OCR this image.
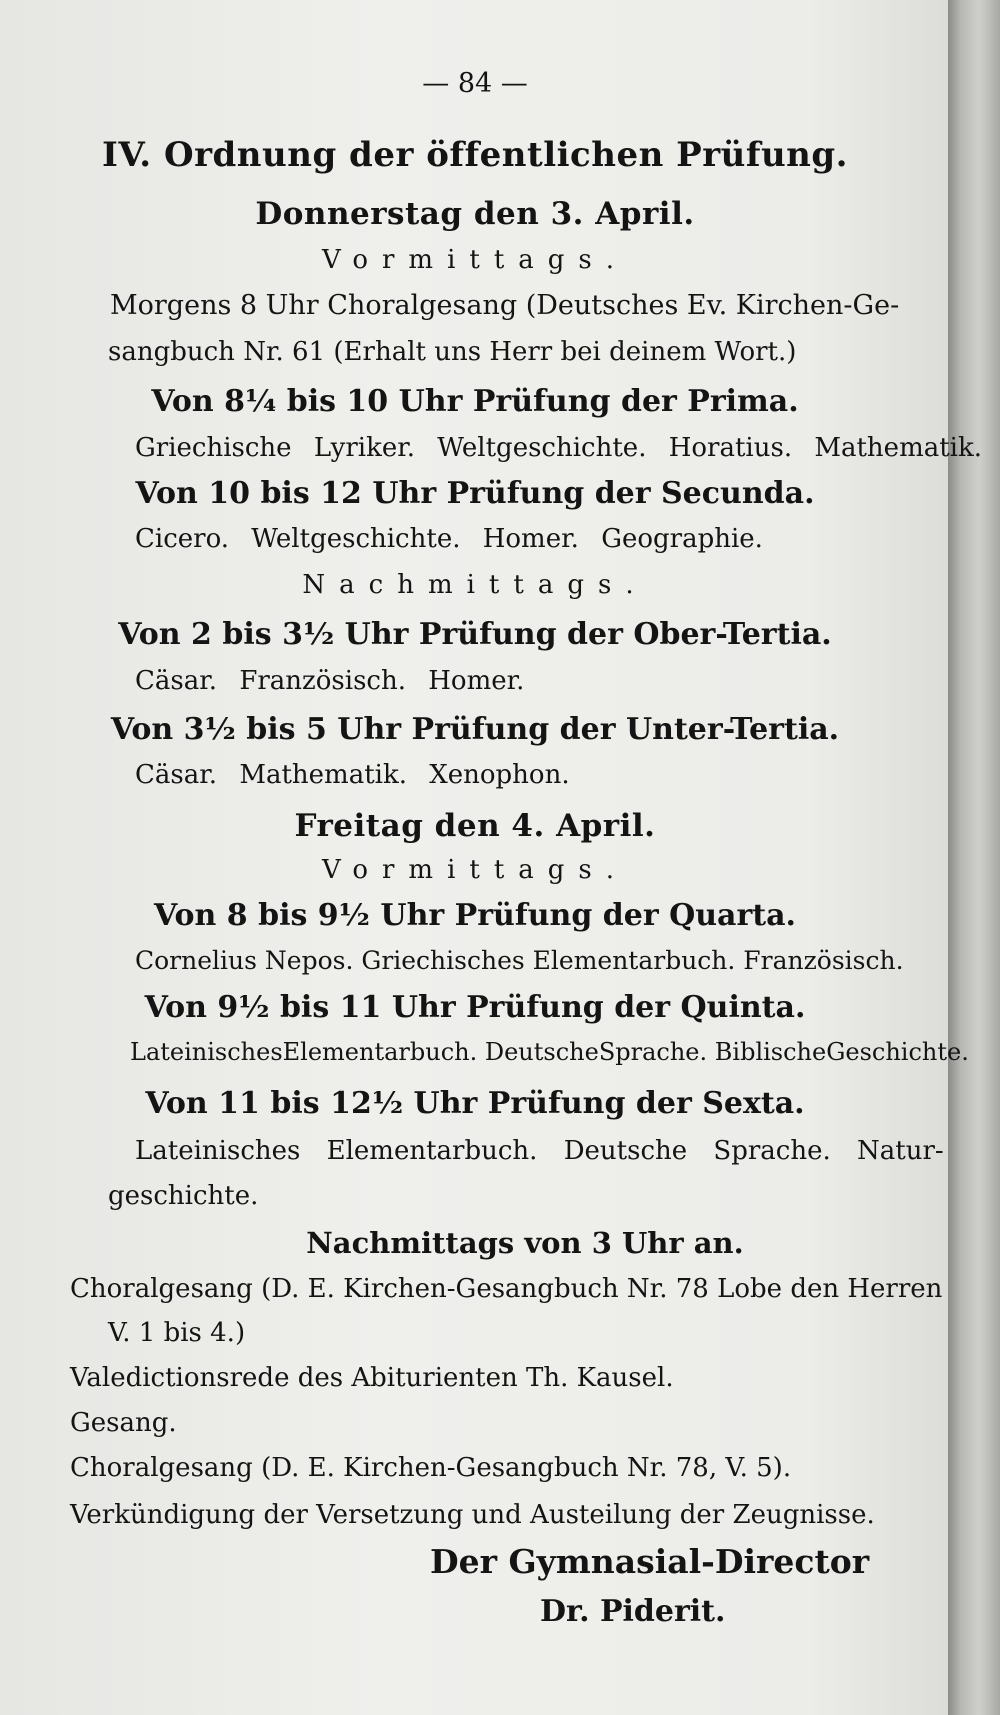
— 84 —
IV. Ordnung der öffentlichen Prüfung.
Donnerstag den 3. April.
Vormittags.
Morgens 8 Uhr Choralgesang (Deutsches Ev. Kirchen-Ge-
sangbuch Nr. 61 (Erhalt uns Herr bei deinem Wort.)
Von 8¼ bis 10 Uhr Prüfung der Prima.
Griechische Lyriker. Weltgeschichte. Horatius. Mathematik.
Von 10 bis 12 Uhr Prüfung der Secunda.
Cicero. Weltgeschichte. Homer. Geographie.
Nachmittags.
Von 2 bis 3½ Uhr Prüfung der Ober-Tertia.
Cäsar. Französisch. Homer.
Von 3½ bis 5 Uhr Prüfung der Unter-Tertia.
Cäsar. Mathematik. Xenophon.
Freitag den 4. April.
Vormittags.
Von 8 bis 9½ Uhr Prüfung der Quarta.
Cornelius Nepos. Griechisches Elementarbuch. Französisch.
Von 9½ bis 11 Uhr Prüfung der Quinta.
LateinischesElementarbuch. DeutscheSprache. BiblischeGeschichte.
Von 11 bis 12½ Uhr Prüfung der Sexta.
Lateinisches Elementarbuch. Deutsche Sprache. Natur-
geschichte.
Nachmittags von 3 Uhr an.
Choralgesang (D. E. Kirchen-Gesangbuch Nr. 78 Lobe den Herren
V. 1 bis 4.)
Valedictionsrede des Abiturienten Th. Kausel.
Gesang.
Choralgesang (D. E. Kirchen-Gesangbuch Nr. 78, V. 5).
Verkündigung der Versetzung und Austeilung der Zeugnisse.
Der Gymnasial-Director
Dr. Piderit.
